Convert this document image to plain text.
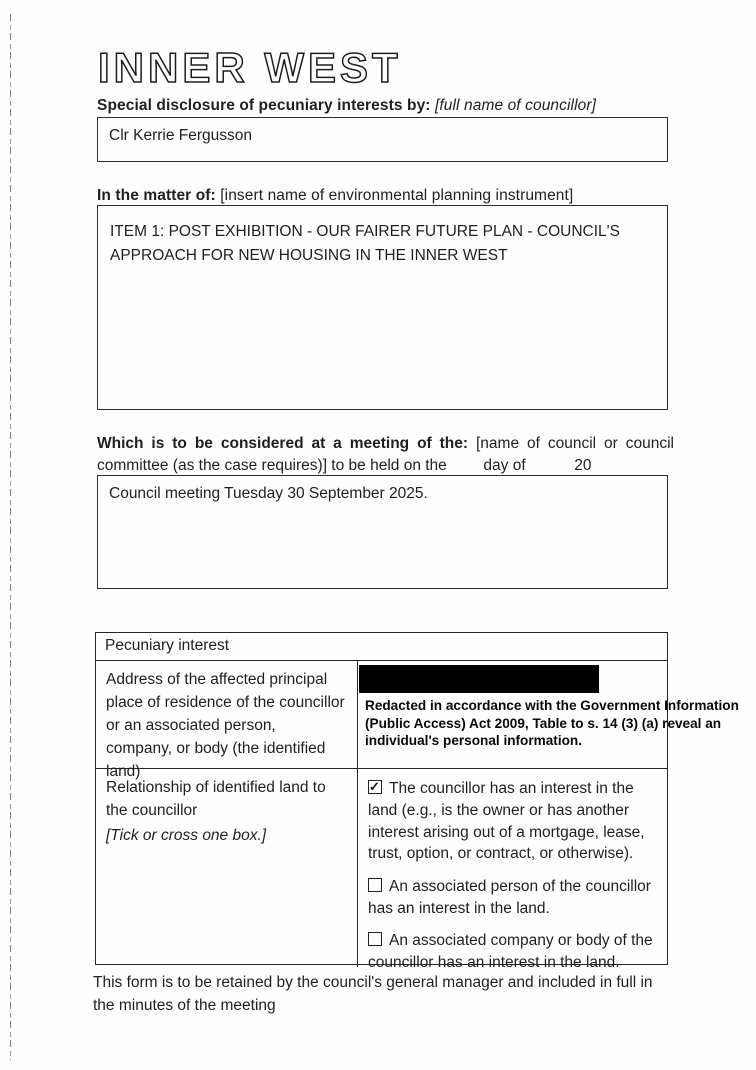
INNER WEST
Special disclosure of pecuniary interests by: [full name of councillor]
Clr Kerrie Fergusson
In the matter of: [insert name of environmental planning instrument]
ITEM 1: POST EXHIBITION - OUR FAIRER FUTURE PLAN - COUNCIL'S APPROACH FOR NEW HOUSING IN THE INNER WEST
Which is to be considered at a meeting of the: [name of council or council committee (as the case requires)] to be held on the day of	20
Council meeting Tuesday 30 September 2025.
Pecuniary interest
Address of the affected principal place of residence of the councillor or an associated person, company, or body (the identified land)
Redacted in accordance with the Government Information (Public Access) Act 2009, Table to s. 14 (3) (a) reveal an individual's personal information.
Relationship of identified land to the councillor
[Tick or cross one box.]

✓The councillor has an interest in the land (e.g., is the owner or has another interest arising out of a mortgage, lease, trust, option, or contract, or otherwise).

An associated person of the councillor has an interest in the land.

An associated company or body of the councillor has an interest in the land.

This form is to be retained by the council's general manager and included in full in the minutes of the meeting
